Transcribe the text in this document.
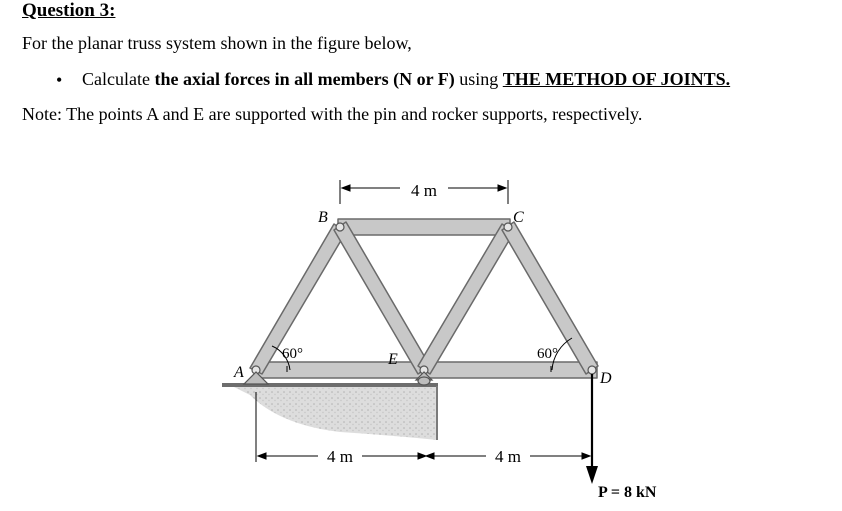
Question 3:
For the planar truss system shown in the figure below,
• Calculate the axial forces in all members (N or F) using THE METHOD OF JOINTS.
Note: The points A and E are supported with the pin and rocker supports, respectively.
4 m
4 m	4 m
A
B	C
D
E
60°	60°
P = 8 kN
